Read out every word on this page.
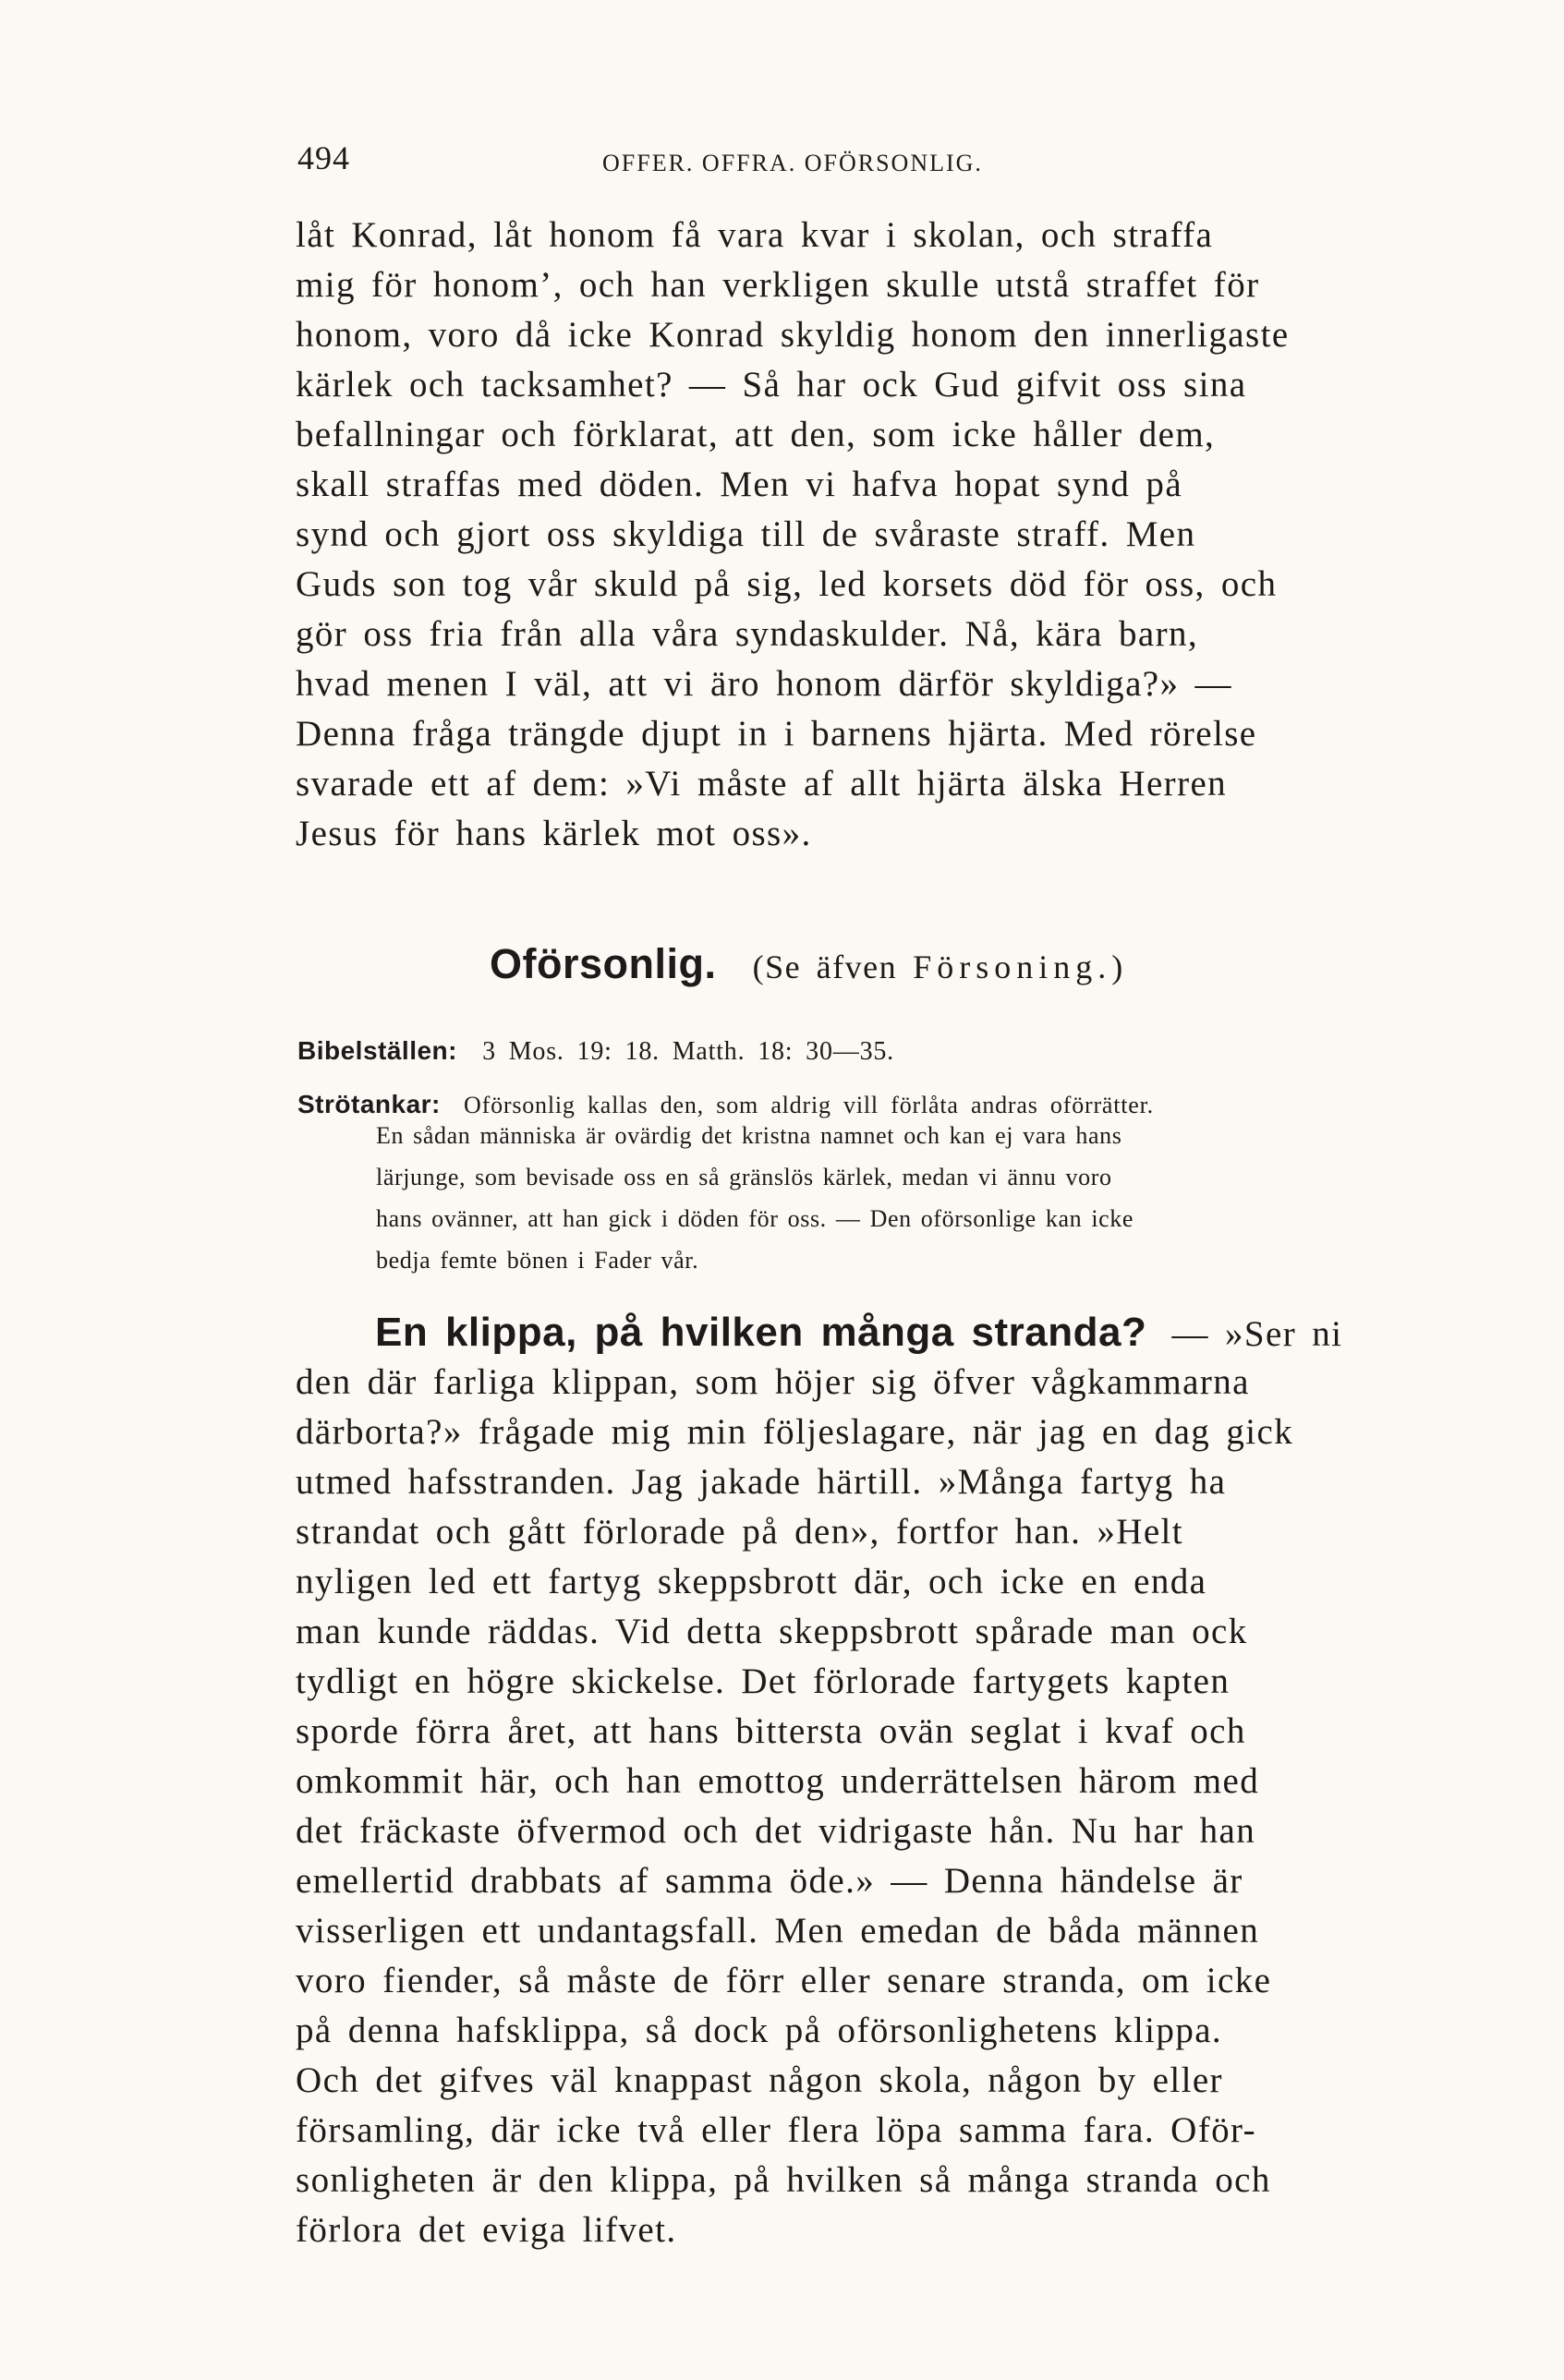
494	OFFER. OFFRA. OFÖRSONLIG.
låt Konrad, låt honom få vara kvar i skolan, och straffa
mig för honom’, och han verkligen skulle utstå straffet för
honom, voro då icke Konrad skyldig honom den innerligaste
kärlek och tacksamhet? — Så har ock Gud gifvit oss sina
befallningar och förklarat, att den, som icke håller dem,
skall straffas med döden. Men vi hafva hopat synd på
synd och gjort oss skyldiga till de svåraste straff. Men
Guds son tog vår skuld på sig, led korsets död för oss, och
gör oss fria från alla våra syndaskulder. Nå, kära barn,
hvad menen I väl, att vi äro honom därför skyldiga?» —
Denna fråga trängde djupt in i barnens hjärta. Med rörelse
svarade ett af dem: »Vi måste af allt hjärta älska Herren
Jesus för hans kärlek mot oss».
Oförsonlig. (Se äfven Försoning.)
Bibelställen: 3 Mos. 19: 18. Matth. 18: 30—35.
Strötankar: Oförsonlig kallas den, som aldrig vill förlåta andras oförrätter.
En sådan människa är ovärdig det kristna namnet och kan ej vara hans
lärjunge, som bevisade oss en så gränslös kärlek, medan vi ännu voro
hans ovänner, att han gick i döden för oss. — Den oförsonlige kan icke
bedja femte bönen i Fader vår.
En klippa, på hvilken många stranda? — »Ser ni
den där farliga klippan, som höjer sig öfver vågkammarna
därborta?» frågade mig min följeslagare, när jag en dag gick
utmed hafsstranden. Jag jakade härtill. »Många fartyg ha
strandat och gått förlorade på den», fortfor han. »Helt
nyligen led ett fartyg skeppsbrott där, och icke en enda
man kunde räddas. Vid detta skeppsbrott spårade man ock
tydligt en högre skickelse. Det förlorade fartygets kapten
sporde förra året, att hans bittersta ovän seglat i kvaf och
omkommit här, och han emottog underrättelsen härom med
det fräckaste öfvermod och det vidrigaste hån. Nu har han
emellertid drabbats af samma öde.» — Denna händelse är
visserligen ett undantagsfall. Men emedan de båda männen
voro fiender, så måste de förr eller senare stranda, om icke
på denna hafsklippa, så dock på oförsonlighetens klippa.
Och det gifves väl knappast någon skola, någon by eller
församling, där icke två eller flera löpa samma fara. Oför-
sonligheten är den klippa, på hvilken så många stranda och
förlora det eviga lifvet.
